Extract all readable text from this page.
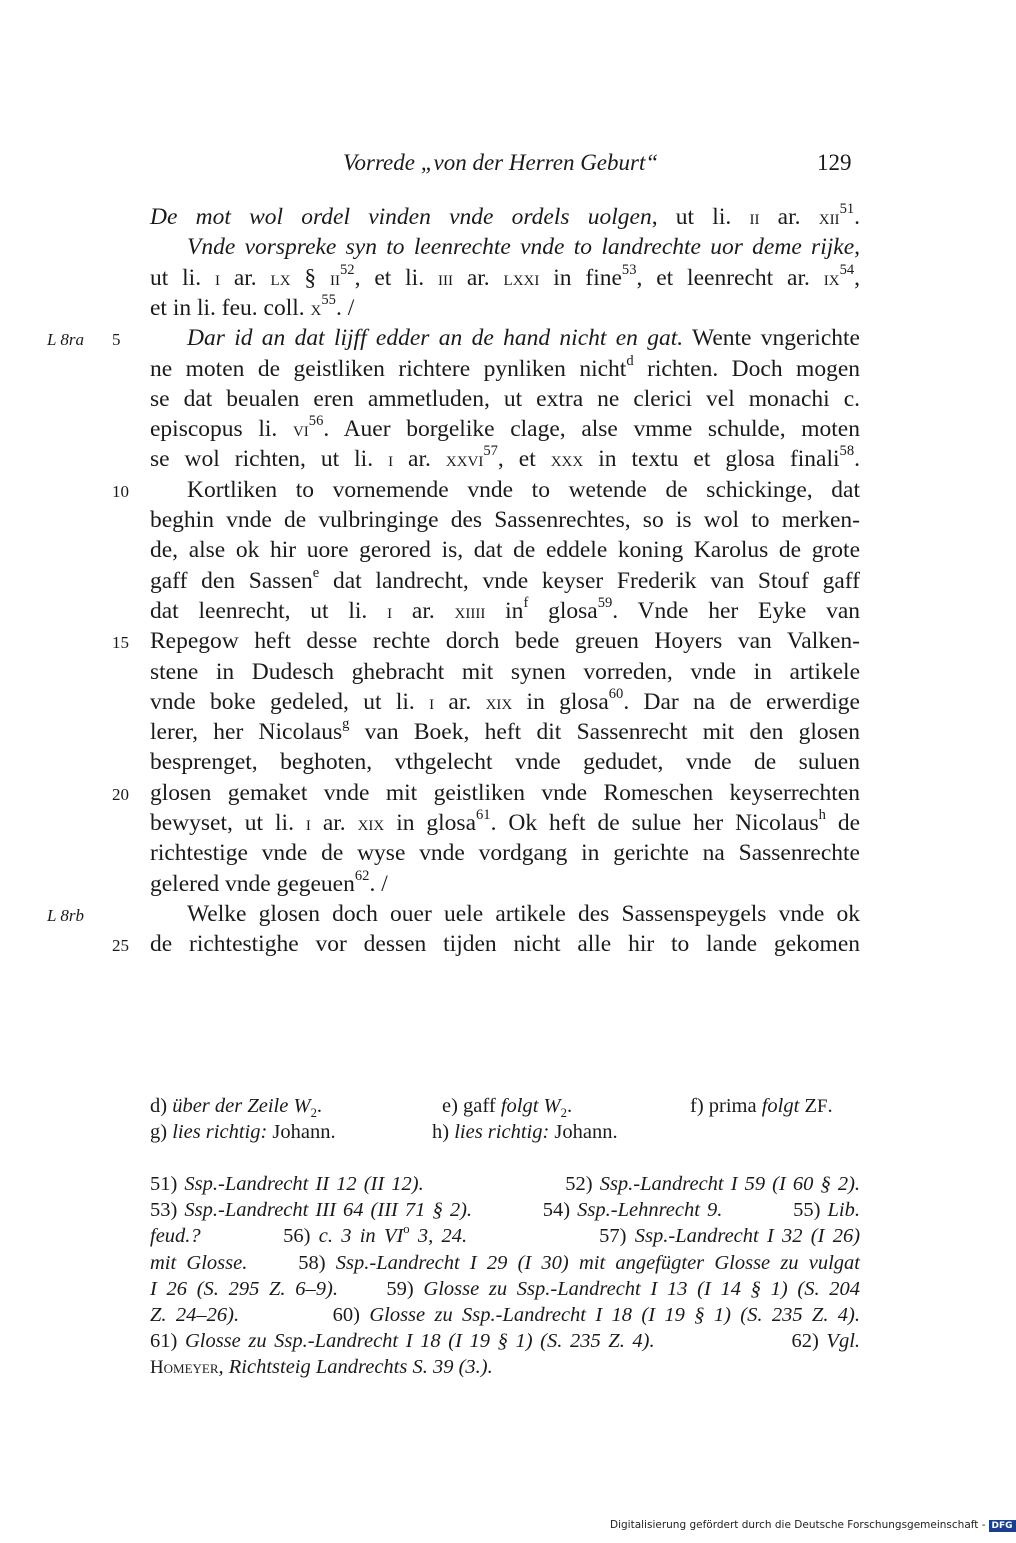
Vorrede „von der Herren Geburt“	129
De mot wol ordel vinden vnde ordels uolgen, ut li. ii ar. xii$^{51}$.
Vnde vorspreke syn to leenrechte vnde to landrechte uor deme rijke,
ut li. i ar. lx § $ii^{52}$, et li. iii ar. lxxi in fine$^{53}$, et leenrecht ar. $ix^{54}$,
et in li. feu. coll. $x^{55}$. /
Dar id an dat lijff edder an de hand nicht en gat. Wente vngerichte
5
L 8ra
ne moten de geistliken richtere pynliken nicht$^d$ richten. Doch mogen
se dat beualen eren ammetluden, ut extra ne clerici vel monachi c.
episcopus li. $vi^{56}$. Auer borgelike clage, alse vmme schulde, moten
se wol richten, ut li. i ar. xxvi$^{57}$, et xxx in textu et glosa finali$^{58}$.
Kortliken to vornemende vnde to wetende de schickinge, dat
10
beghin vnde de vulbringinge des Sassenrechtes, so is wol to merken-
de, alse ok hir uore gerored is, dat de eddele koning Karolus de grote
gaff den Sassen$^e$ dat landrecht, vnde keyser Frederik van Stouf gaff
dat leenrecht, ut li. i ar. xiiii $in^f$ glosa$^{59}$. Vnde her Eyke van
Repegow heft desse rechte dorch bede greuen Hoyers van Valken-
15
stene in Dudesch ghebracht mit synen vorreden, vnde in artikele
vnde boke gedeled, ut li. i ar. xix in glosa$^{60}$. Dar na de erwerdige
lerer, her Nicolaus$^g$ van Boek, heft dit Sassenrecht mit den glosen
besprenget, beghoten, vthgelecht vnde gedudet, vnde de suluen
glosen gemaket vnde mit geistliken vnde Romeschen keyserrechten
20
bewyset, ut li. i ar. xix in glosa$^{61}$. Ok heft de sulue her Nicolaus$^h$ de
richtestige vnde de wyse vnde vordgang in gerichte na Sassenrechte
gelered vnde gegeuen$^{62}$. /
Welke glosen doch ouer uele artikele des Sassenspeygels vnde ok
L 8rb
de richtestighe vor dessen tijden nicht alle hir to lande gekomen
25
d) über der Zeile $W_2$.	e) gaff folgt $W_2$.	f) prima folgt ZF.
g) lies richtig: Johann.	h) lies richtig: Johann.
51) Ssp.-Landrecht II 12 (II 12).                    52) Ssp.-Landrecht I 59 (I 60 § 2).
53) Ssp.-Landrecht III 64 (III 71 § 2).          54) Ssp.-Lehnrecht 9.          55) Lib.
feud.?          56) c. 3 in $VI^o$ 3, 24.                57) Ssp.-Landrecht I 32 (I 26)
mit Glosse.     58) Ssp.-Landrecht I 29 (I 30) mit angefügter Glosse zu vulgat
I 26 (S. 295 Z. 6–9).     59) Glosse zu Ssp.-Landrecht I 13 (I 14 § 1) (S. 204
Z. 24–26).          60) Glosse zu Ssp.-Landrecht I 18 (I 19 § 1) (S. 235 Z. 4).
61) Glosse zu Ssp.-Landrecht I 18 (I 19 § 1) (S. 235 Z. 4).                  62) Vgl.
Homeyer, Richtsteig Landrechts S. 39 (3.).
Digitalisierung gefördert durch die Deutsche Forschungsgemeinschaft - DFG
